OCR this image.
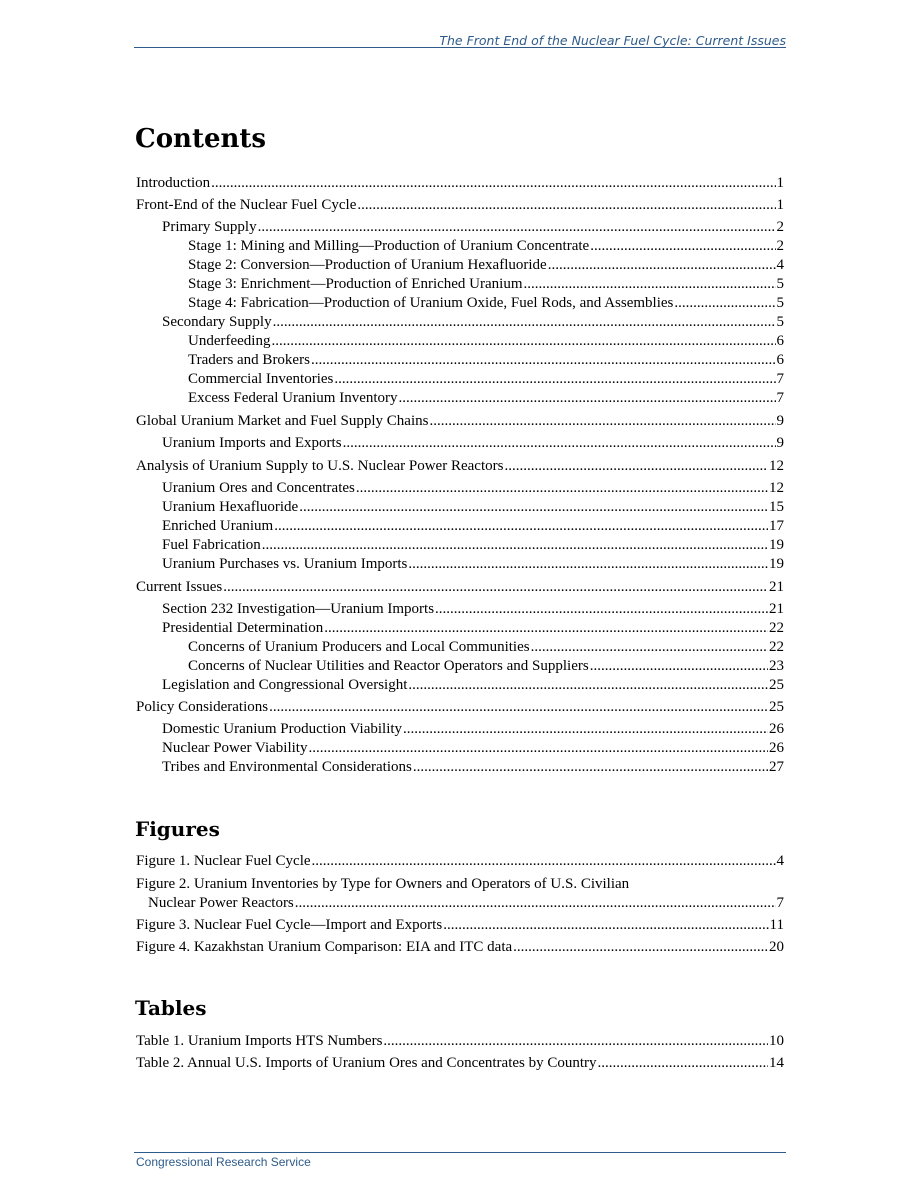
The Front End of the Nuclear Fuel Cycle: Current Issues
Contents
Introduction .....	1
Front-End of the Nuclear Fuel Cycle .....	1
Primary Supply .....	2
Stage 1: Mining and Milling—Production of Uranium Concentrate .....	2
Stage 2: Conversion—Production of Uranium Hexafluoride .....	4
Stage 3: Enrichment—Production of Enriched Uranium .....	5
Stage 4: Fabrication—Production of Uranium Oxide, Fuel Rods, and Assemblies .....	5
Secondary Supply .....	5
Underfeeding .....	6
Traders and Brokers .....	6
Commercial Inventories .....	7
Excess Federal Uranium Inventory .....	7
Global Uranium Market and Fuel Supply Chains .....	9
Uranium Imports and Exports .....	9
Analysis of Uranium Supply to U.S. Nuclear Power Reactors .....	12
Uranium Ores and Concentrates .....	12
Uranium Hexafluoride .....	15
Enriched Uranium .....	17
Fuel Fabrication .....	19
Uranium Purchases vs. Uranium Imports .....	19
Current Issues .....	21
Section 232 Investigation—Uranium Imports .....	21
Presidential Determination .....	22
Concerns of Uranium Producers and Local Communities .....	22
Concerns of Nuclear Utilities and Reactor Operators and Suppliers .....	23
Legislation and Congressional Oversight .....	25
Policy Considerations .....	25
Domestic Uranium Production Viability .....	26
Nuclear Power Viability .....	26
Tribes and Environmental Considerations .....	27
Figures
Figure 1. Nuclear Fuel Cycle .....	4
Figure 2. Uranium Inventories by Type for Owners and Operators of U.S. Civilian
Nuclear Power Reactors .....	7
Figure 3. Nuclear Fuel Cycle—Import and Exports .....	11
Figure 4. Kazakhstan Uranium Comparison: EIA and ITC data .....	20
Tables
Table 1. Uranium Imports HTS Numbers .....	10
Table 2. Annual U.S. Imports of Uranium Ores and Concentrates by Country .....	14
Congressional Research Service
